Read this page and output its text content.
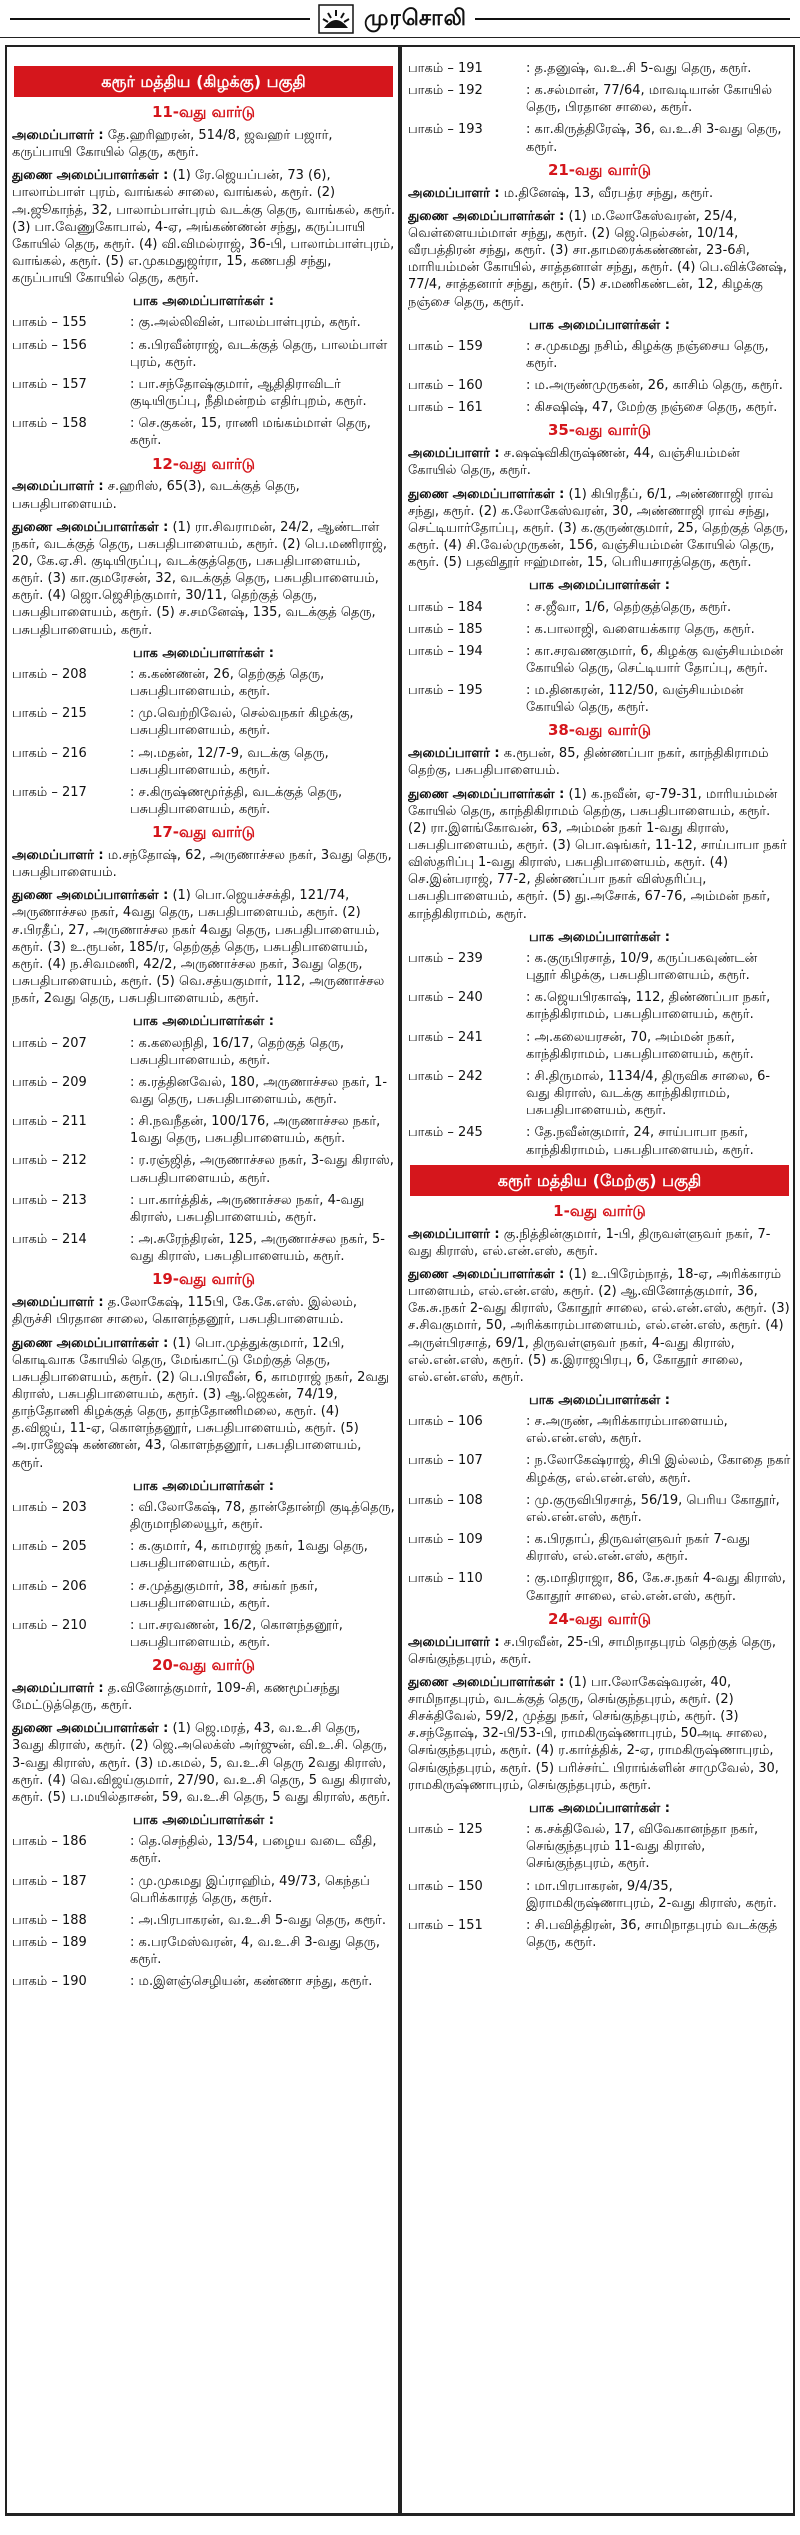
முரசொலி
கரூர் மத்திய (கிழக்கு) பகுதி
11-வது வார்டு
அமைப்பாளர் : தே.ஹரிஹரன், 514/8, ஜவஹர் பஜார், கருப்பாயி கோயில் தெரு, கரூர்.
துணை அமைப்பாளர்கள் : (1) ரே.ஜெயப்பன், 73 (6), பாலாம்பாள் புரம், வாங்கல் சாலை, வாங்கல், கரூர். (2) அ.ஜூகாந்த், 32, பாலாம்பாள்புரம் வடக்கு தெரு, வாங்கல், கரூர். (3) பா.வேணுகோபால், 4-ஏ, அங்கண்ணன் சந்து, கருப்பாயி கோயில் தெரு, கரூர். (4) வி.விமல்ராஜ், 36-பி, பாலாம்பாள்புரம், வாங்கல், கரூர். (5) எ.முகமதுஜர்ரா, 15, கணபதி சந்து, கருப்பாயி கோயில் தெரு, கரூர்.
பாக அமைப்பாளர்கள் :
பாகம் – 155	: கு.அல்லிவின், பாலம்பாள்புரம், கரூர்.
பாகம் – 156	: க.பிரவீன்ராஜ், வடக்குத் தெரு, பாலம்பாள் புரம், கரூர்.
பாகம் – 157	: பா.சந்தோஷ்குமார், ஆதிதிராவிடர் குடியிருப்பு, நீதிமன்றம் எதிர்புறம், கரூர்.
பாகம் – 158	: செ.குகன், 15, ராணி மங்கம்மாள் தெரு, கரூர்.
12-வது வார்டு
அமைப்பாளர் : ச.ஹரிஸ், 65(3), வடக்குத் தெரு, பசுபதிபாளையம்.
துணை அமைப்பாளர்கள் : (1) ரா.சிவராமன், 24/2, ஆண்டாள் நகர், வடக்குத் தெரு, பசுபதிபாளையம், கரூர். (2) பெ.மணிராஜ், 20, கே.ஏ.சி. குடியிருப்பு, வடக்குத்தெரு, பசுபதிபாளையம், கரூர். (3) கா.குமரேசன், 32, வடக்குத் தெரு, பசுபதிபாளையம், கரூர். (4) ஜொ.ஜெசிந்குமார், 30/11, தெற்குத் தெரு, பசுபதிபாளையம், கரூர். (5) ச.சமனேஷ், 135, வடக்குத் தெரு, பசுபதிபாளையம், கரூர்.
பாக அமைப்பாளர்கள் :
பாகம் – 208	: க.கண்ணன், 26, தெற்குத் தெரு, பசுபதிபாளையம், கரூர்.
பாகம் – 215	: மு.வெற்றிவேல், செல்வநகர் கிழக்கு, பசுபதிபாளையம், கரூர்.
பாகம் – 216	: அ.மதன், 12/7-9, வடக்கு தெரு, பசுபதிபாளையம், கரூர்.
பாகம் – 217	: ச.கிருஷ்ணமூர்த்தி, வடக்குத் தெரு, பசுபதிபாளையம், கரூர்.
17-வது வார்டு
அமைப்பாளர் : ம.சந்தோஷ், 62, அருணாச்சல நகர், 3வது தெரு, பசுபதிபாளையம்.
துணை அமைப்பாளர்கள் : (1) பொ.ஜெயச்சக்தி, 121/74, அருணாச்சல நகர், 4வது தெரு, பசுபதிபாளையம், கரூர். (2) ச.பிரதீப், 27, அருணாச்சல நகர் 4வது தெரு, பசுபதிபாளையம், கரூர். (3) உ.ரூபன், 185/ர, தெற்குத் தெரு, பசுபதிபாளையம், கரூர். (4) ந.சிவமணி, 42/2, அருணாச்சல நகர், 3வது தெரு, பசுபதிபாளையம், கரூர். (5) வெ.சத்யகுமார், 112, அருணாச்சல நகர், 2வது தெரு, பசுபதிபாளையம், கரூர்.
பாக அமைப்பாளர்கள் :
பாகம் – 207	: க.கலைநிதி, 16/17, தெற்குத் தெரு, பசுபதிபாளையம், கரூர்.
பாகம் – 209	: க.ரத்தினவேல், 180, அருணாச்சல நகர், 1-வது தெரு, பசுபதிபாளையம், கரூர்.
பாகம் – 211	: சி.நவநீதன், 100/176, அருணாச்சல நகர், 1வது தெரு, பசுபதிபாளையம், கரூர்.
பாகம் – 212	: ர.ரஞ்ஜித், அருணாச்சல நகர், 3-வது கிராஸ், பசுபதிபாளையம், கரூர்.
பாகம் – 213	: பா.கார்த்திக், அருணாச்சல நகர், 4-வது கிராஸ், பசுபதிபாளையம், கரூர்.
பாகம் – 214	: அ.சுரேந்திரன், 125, அருணாச்சல நகர், 5-வது கிராஸ், பசுபதிபாளையம், கரூர்.
19-வது வார்டு
அமைப்பாளர் : த.லோகேஷ், 115பி, கே.கே.எஸ். இல்லம், திருச்சி பிரதான சாலை, கொளந்தனூர், பசுபதிபாளையம்.
துணை அமைப்பாளர்கள் : (1) பொ.முத்துக்குமார், 12பி, கொடிவாக கோயில் தெரு, மேங்காட்டு மேற்குத் தெரு, பசுபதிபாளையம், கரூர். (2) பெ.பிரவீன், 6, காமராஜ் நகர், 2வது கிராஸ், பசுபதிபாளையம், கரூர். (3) ஆ.ஜெகன், 74/19, தாந்தோணி கிழக்குத் தெரு, தாந்தோணிமலை, கரூர். (4) த.விஜய், 11-ஏ, கொளந்தனூர், பசுபதிபாளையம், கரூர். (5) அ.ராஜேஷ் கண்ணன், 43, கொளந்தனூர், பசுபதிபாளையம், கரூர்.
பாக அமைப்பாளர்கள் :
பாகம் – 203	: வி.லோகேஷ், 78, தான்தோன்றி குடித்தெரு, திருமாநிலையூர், கரூர்.
பாகம் – 205	: க.குமார், 4, காமராஜ் நகர், 1வது தெரு, பசுபதிபாளையம், கரூர்.
பாகம் – 206	: ச.முத்துகுமார், 38, சங்கர் நகர், பசுபதிபாளையம், கரூர்.
பாகம் – 210	: பா.சரவணன், 16/2, கொளந்தனூர், பசுபதிபாளையம், கரூர்.
20-வது வார்டு
அமைப்பாளர் : த.வினோத்குமார், 109-சி, கணமூப்சந்து மேட்டுத்தெரு, கரூர்.
துணை அமைப்பாளர்கள் : (1) ஜெ.மரத், 43, வ.உ.சி தெரு, 3வது கிராஸ், கரூர். (2) ஜெ.அலெக்ஸ் அர்ஜுன், வி.உ.சி. தெரு, 3-வது கிராஸ், கரூர். (3) ம.கமல், 5, வ.உ.சி தெரு 2வது கிராஸ், கரூர். (4) வெ.விஜய்குமார், 27/90, வ.உ.சி தெரு, 5 வது கிராஸ், கரூர். (5) ப.மயில்தாசன், 59, வ.உ.சி தெரு, 5 வது கிராஸ், கரூர்.
பாக அமைப்பாளர்கள் :
பாகம் – 186	: தெ.செந்தில், 13/54, பழைய வடை வீதி, கரூர்.
பாகம் – 187	: மு.முகமது இப்ராஹிம், 49/73, கெந்தப் பெரிக்காரத் தெரு, கரூர்.
பாகம் – 188	: அ.பிரபாகரன், வ.உ.சி 5-வது தெரு, கரூர்.
பாகம் – 189	: க.பரமேஸ்வரன், 4, வ.உ.சி 3-வது தெரு, கரூர்.
பாகம் – 190	: ம.இளஞ்செழியன், கண்ணா சந்து, கரூர்.
பாகம் – 191	: த.தனுஷ், வ.உ.சி 5-வது தெரு, கரூர்.
பாகம் – 192	: க.சல்மான், 77/64, மாவடியான் கோயில் தெரு, பிரதான சாலை, கரூர்.
பாகம் – 193	: கா.கிருத்திரேஷ், 36, வ.உ.சி 3-வது தெரு, கரூர்.
21-வது வார்டு
அமைப்பாளர் : ம.தினேஷ், 13, வீரபத்ர சந்து, கரூர்.
துணை அமைப்பாளர்கள் : (1) ம.லோகேஸ்வரன், 25/4, வெள்ளையம்மாள் சந்து, கரூர். (2) ஜெ.நெல்சன், 10/14, வீரபத்திரன் சந்து, கரூர். (3) சா.தாமரைக்கண்ணன், 23-6சி, மாரியம்மன் கோயில், சாத்தனாள் சந்து, கரூர். (4) பெ.விக்னேஷ், 77/4, சாத்தனார் சந்து, கரூர். (5) ச.மணிகண்டன், 12, கிழக்கு நஞ்சை தெரு, கரூர்.
பாக அமைப்பாளர்கள் :
பாகம் – 159	: ச.முகமது நசிம், கிழக்கு நஞ்சைய தெரு, கரூர்.
பாகம் – 160	: ம.அருண்முருகன், 26, காசிம் தெரு, கரூர்.
பாகம் – 161	: கிசஷிஷ், 47, மேற்கு நஞ்சை தெரு, கரூர்.
35-வது வார்டு
அமைப்பாளர் : ச.ஷஷ்விகிருஷ்ணன், 44, வஞ்சியம்மன் கோயில் தெரு, கரூர்.
துணை அமைப்பாளர்கள் : (1) கிபிரதீப், 6/1, அண்ணாஜி ராவ் சந்து, கரூர். (2) க.லோகேஸ்வரன், 30, அண்ணாஜி ராவ் சந்து, செட்டியார்தோப்பு, கரூர். (3) க.குருண்குமார், 25, தெற்குத் தெரு, கரூர். (4) சி.வேல்முருகன், 156, வஞ்சியம்மன் கோயில் தெரு, கரூர். (5) பதவிதூர் ஈஹ்மான், 15, பெரியசாரத்தெரு, கரூர்.
பாக அமைப்பாளர்கள் :
பாகம் – 184	: ச.ஜீவா, 1/6, தெற்குத்தெரு, கரூர்.
பாகம் – 185	: க.பாலாஜி, வளையக்கார தெரு, கரூர்.
பாகம் – 194	: கா.சரவணகுமார், 6, கிழக்கு வஞ்சியம்மன் கோயில் தெரு, செட்டியார் தோப்பு, கரூர்.
பாகம் – 195	: ம.தினகரன், 112/50, வஞ்சியம்மன் கோயில் தெரு, கரூர்.
38-வது வார்டு
அமைப்பாளர் : க.ரூபன், 85, திண்ணப்பா நகர், காந்திகிராமம் தெற்கு, பசுபதிபாளையம்.
துணை அமைப்பாளர்கள் : (1) க.நவீன், ஏ-79-31, மாரியம்மன் கோயில் தெரு, காந்திகிராமம் தெற்கு, பசுபதிபாளையம், கரூர். (2) ரா.இளங்கோவன், 63, அம்மன் நகர் 1-வது கிராஸ், பசுபதிபாளையம், கரூர். (3) பொ.ஷங்கர், 11-12, சாய்பாபா நகர் விஸ்தரிப்பு 1-வது கிராஸ், பசுபதிபாளையம், கரூர். (4) செ.இன்பராஜ், 77-2, திண்ணப்பா நகர் விஸ்தரிப்பு, பசுபதிபாளையம், கரூர். (5) து.அசோக், 67-76, அம்மன் நகர், காந்திகிராமம், கரூர்.
பாக அமைப்பாளர்கள் :
பாகம் – 239	: க.குருபிரசாத், 10/9, கருப்பகவுண்டன் புதூர் கிழக்கு, பசுபதிபாளையம், கரூர்.
பாகம் – 240	: க.ஜெயபிரகாஷ், 112, திண்ணப்பா நகர், காந்திகிராமம், பசுபதிபாளையம், கரூர்.
பாகம் – 241	: அ.கலையரசன், 70, அம்மன் நகர், காந்திகிராமம், பசுபதிபாளையம், கரூர்.
பாகம் – 242	: சி.திருமால், 1134/4, திருவிக சாலை, 6-வது கிராஸ், வடக்கு காந்திகிராமம், பசுபதிபாளையம், கரூர்.
பாகம் – 245	: தே.நவீன்குமார், 24, சாய்பாபா நகர், காந்திகிராமம், பசுபதிபாளையம், கரூர்.
கரூர் மத்திய (மேற்கு) பகுதி
1-வது வார்டு
அமைப்பாளர் : கு.நித்தின்குமார், 1-பி, திருவள்ளுவர் நகர், 7-வது கிராஸ், எல்.என்.எஸ், கரூர்.
துணை அமைப்பாளர்கள் : (1) உ.பிரேம்நாத், 18-ஏ, அரிக்காரம் பாளையம், எல்.என்.எஸ், கரூர். (2) ஆ.வினோத்குமார், 36, கே.சு.நகர் 2-வது கிராஸ், கோதூர் சாலை, எல்.என்.எஸ், கரூர். (3) ச.சிவகுமார், 50, அரிக்காரம்பாளையம், எல்.என்.எஸ், கரூர். (4) அருள்பிரசாத், 69/1, திருவள்ளுவர் நகர், 4-வது கிராஸ், எல்.என்.எஸ், கரூர். (5) க.இராஜபிரபு, 6, கோதூர் சாலை, எல்.என்.எஸ், கரூர்.
பாக அமைப்பாளர்கள் :
பாகம் – 106	: ச.அருண், அரிக்காரம்பாளையம், எல்.என்.எஸ், கரூர்.
பாகம் – 107	: ந.லோகேஷ்ராஜ், சிபி இல்லம், கோதை நகர் கிழக்கு, எல்.என்.எஸ், கரூர்.
பாகம் – 108	: மு.குருவிபிரசாத், 56/19, பெரிய கோதூர், எல்.என்.எஸ், கரூர்.
பாகம் – 109	: க.பிரதாப், திருவள்ளுவர் நகர் 7-வது கிராஸ், எல்.என்.எஸ், கரூர்.
பாகம் – 110	: கு.மாதிராஜா, 86, கே.ச.நகர் 4-வது கிராஸ், கோதூர் சாலை, எல்.என்.எஸ், கரூர்.
24-வது வார்டு
அமைப்பாளர் : ச.பிரவீன், 25-பி, சாமிநாதபுரம் தெற்குத் தெரு, செங்குந்தபுரம், கரூர்.
துணை அமைப்பாளர்கள் : (1) பா.லோகேஷ்வரன், 40, சாமிநாதபுரம், வடக்குத் தெரு, செங்குந்தபுரம், கரூர். (2) சிசக்திவேல், 59/2, முத்து நகர், செங்குந்தபுரம், கரூர். (3) ச.சந்தோஷ், 32-பி/53-பி, ராமகிருஷ்ணாபுரம், 50அடி சாலை, செங்குந்தபுரம், கரூர். (4) ர.கார்த்திக், 2-ஏ, ராமகிருஷ்ணாபுரம், செங்குந்தபுரம், கரூர். (5) பரிச்சர்ட் பிராங்க்ளின் சாமுவேல், 30, ராமகிருஷ்ணாபுரம், செங்குந்தபுரம், கரூர்.
பாக அமைப்பாளர்கள் :
பாகம் – 125	: க.சக்திவேல், 17, விவேகானந்தா நகர், செங்குந்தபுரம் 11-வது கிராஸ், செங்குந்தபுரம், கரூர்.
பாகம் – 150	: மா.பிரபாகரன், 9/4/35, இராமகிருஷ்ணாபுரம், 2-வது கிராஸ், கரூர்.
பாகம் – 151	: சி.பவித்திரன், 36, சாமிநாதபுரம் வடக்குத் தெரு, கரூர்.
